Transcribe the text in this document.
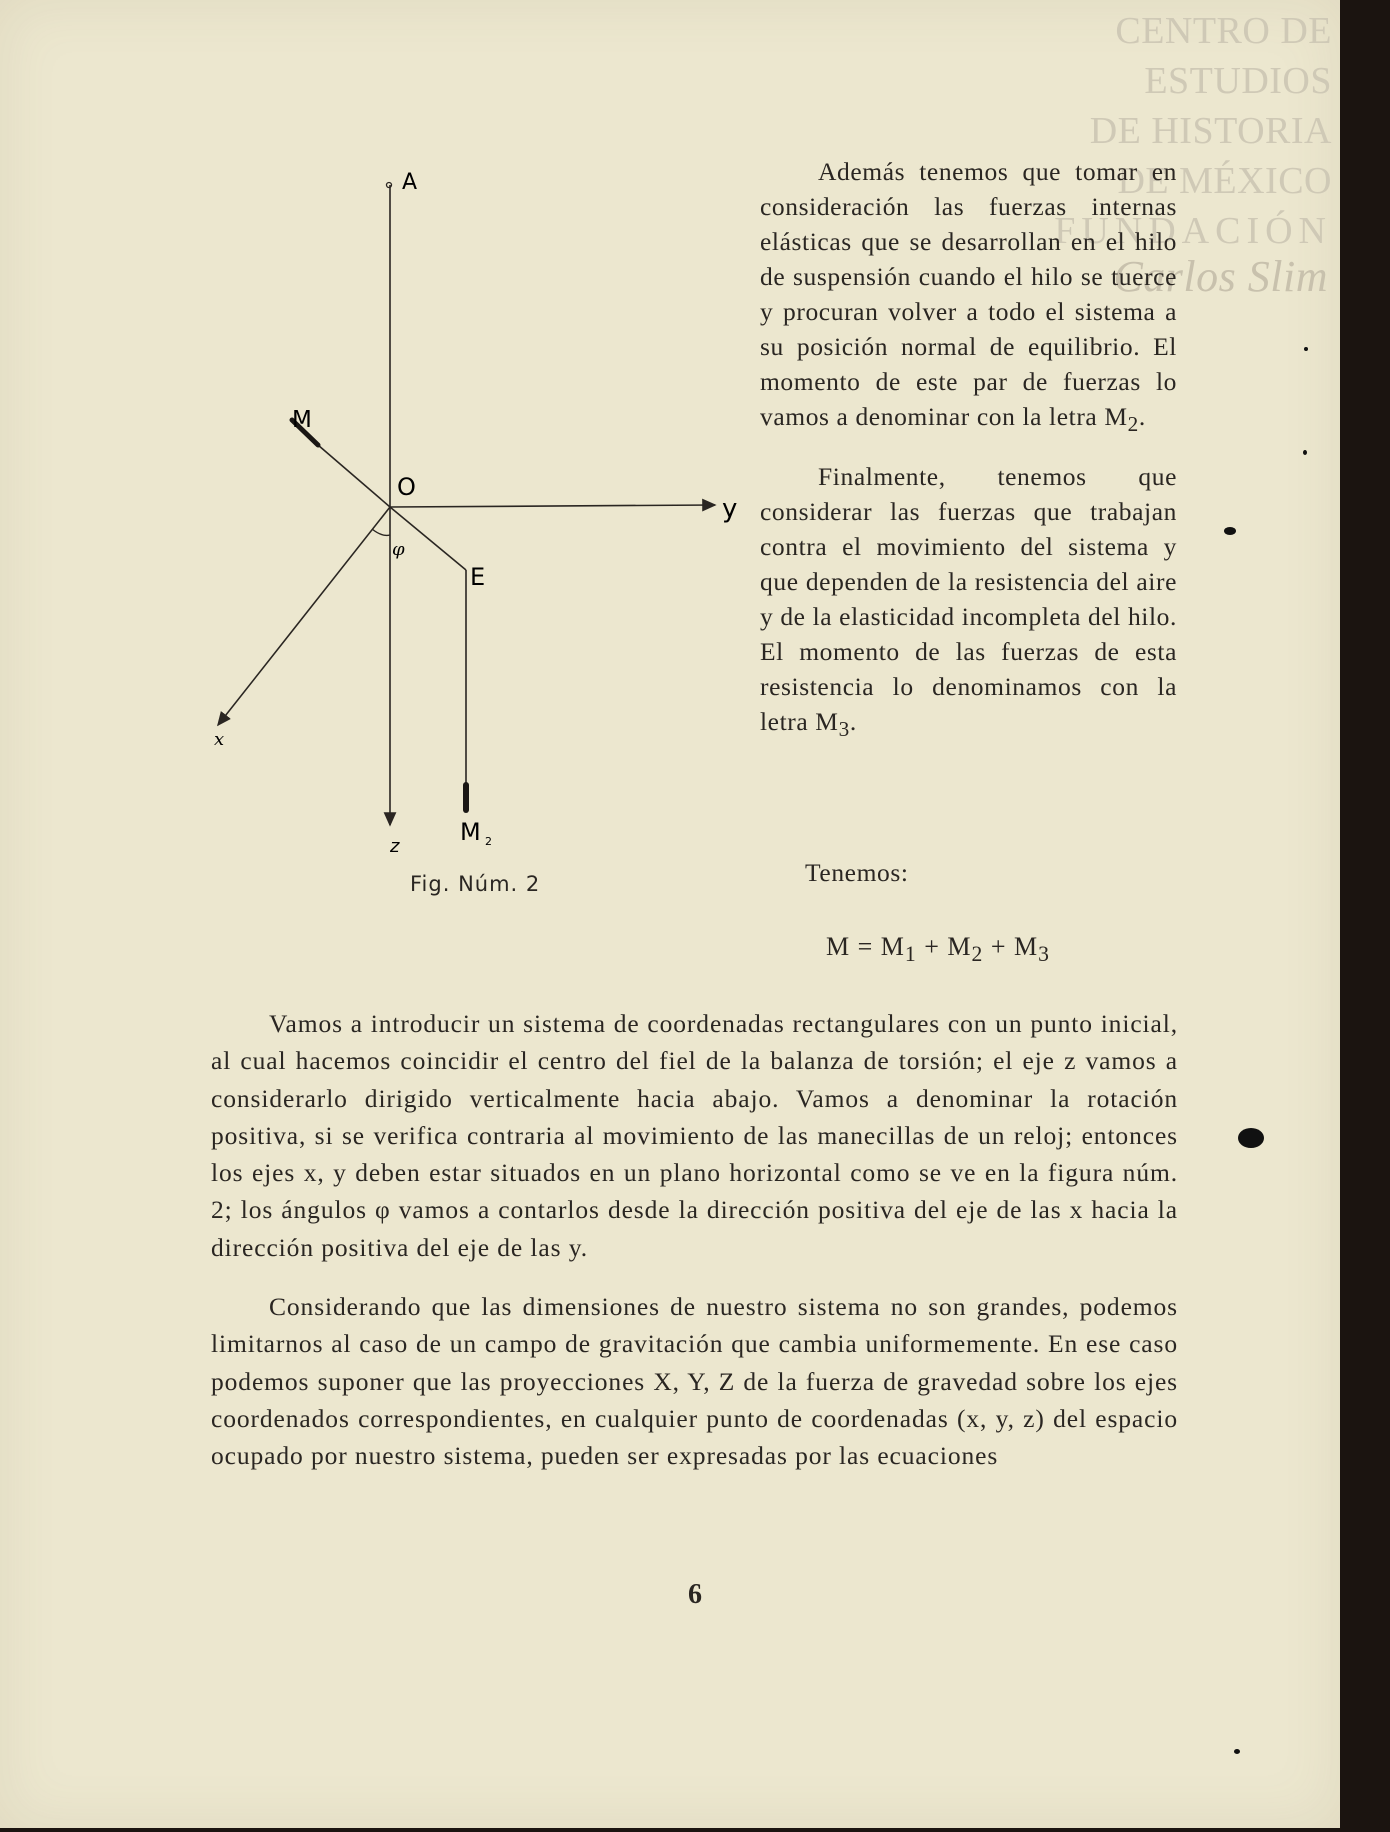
CENTRO DE
ESTUDIOS
DE HISTORIA
DE MÉXICO
FUNDACIÓN
Carlos Slim
A
M
O
y
φ
E
x
z
M 2
Fig. Núm. 2

Además tenemos que tomar en consideración las fuerzas internas elásticas que se desarrollan en el hilo de suspensión cuando el hilo se tuerce y procuran volver a todo el sistema a su posición normal de equilibrio. El momento de este par de fuerzas lo vamos a denominar con la letra $M_2$.

Finalmente, tenemos que considerar las fuerzas que trabajan contra el movimiento del sistema y que dependen de la resistencia del aire y de la elasticidad incompleta del hilo. El momento de las fuerzas de esta resistencia lo denominamos con la letra $M_3$.

Tenemos:
$M = M_1 + M_2 + M_3$

Vamos a introducir un sistema de coordenadas rectangulares con un punto inicial, al cual hacemos coincidir el centro del fiel de la balanza de torsión; el eje z vamos a considerarlo dirigido verticalmente hacia abajo. Vamos a denominar la rotación positiva, si se verifica contraria al movimiento de las manecillas de un reloj; entonces los ejes x, y deben estar situados en un plano horizontal como se ve en la figura núm. 2; los ángulos φ vamos a contarlos desde la dirección positiva del eje de las x hacia la dirección positiva del eje de las y.

Considerando que las dimensiones de nuestro sistema no son grandes, podemos limitarnos al caso de un campo de gravitación que cambia uniformemente. En ese caso podemos suponer que las proyecciones X, Y, Z de la fuerza de gravedad sobre los ejes coordenados correspondientes, en cualquier punto de coordenadas (x, y, z) del espacio ocupado por nuestro sistema, pueden ser expresadas por las ecuaciones

6
